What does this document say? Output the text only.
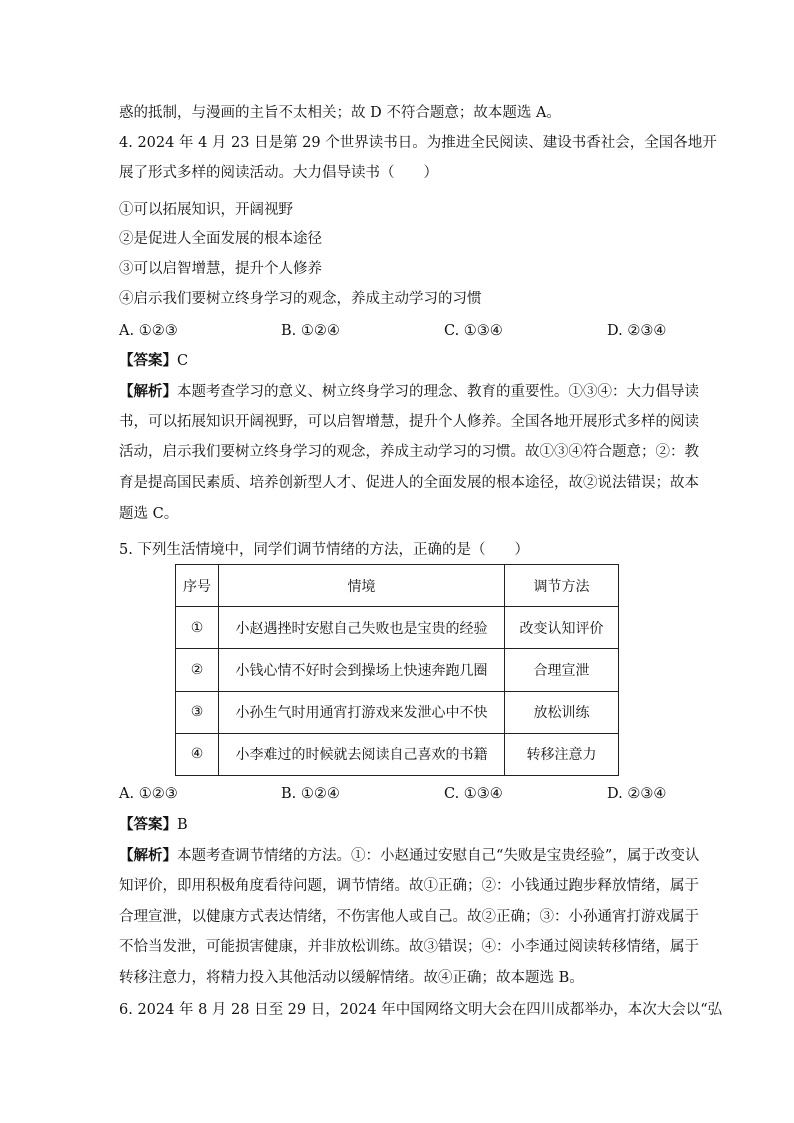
惑的抵制，与漫画的主旨不太相关；故 D 不符合题意；故本题选 A。
4. 2024 年 4 月 23 日是第 29 个世界读书日。为推进全民阅读、建设书香社会，全国各地开
展了形式多样的阅读活动。大力倡导读书（　　）
①可以拓展知识，开阔视野
②是促进人全面发展的根本途径
③可以启智增慧，提升个人修养
④启示我们要树立终身学习的观念，养成主动学习的习惯
A. ①②③	B. ①②④	C. ①③④	D. ②③④
【答案】C
【解析】本题考查学习的意义、树立终身学习的理念、教育的重要性。①③④：大力倡导读
书，可以拓展知识开阔视野，可以启智增慧，提升个人修养。全国各地开展形式多样的阅读
活动，启示我们要树立终身学习的观念，养成主动学习的习惯。故①③④符合题意；②：教
育是提高国民素质、培养创新型人才、促进人的全面发展的根本途径，故②说法错误；故本
题选 C。
5. 下列生活情境中，同学们调节情绪的方法，正确的是（　　）
序号	情境	调节方法
①	小赵遇挫时安慰自己失败也是宝贵的经验	改变认知评价
②	小钱心情不好时会到操场上快速奔跑几圈	合理宣泄
③	小孙生气时用通宵打游戏来发泄心中不快	放松训练
④	小李难过的时候就去阅读自己喜欢的书籍	转移注意力
A. ①②③	B. ①②④	C. ①③④	D. ②③④
【答案】B
【解析】本题考查调节情绪的方法。①：小赵通过安慰自己“失败是宝贵经验”，属于改变认
知评价，即用积极角度看待问题，调节情绪。故①正确；②：小钱通过跑步释放情绪，属于
合理宣泄，以健康方式表达情绪，不伤害他人或自己。故②正确；③：小孙通宵打游戏属于
不恰当发泄，可能损害健康，并非放松训练。故③错误；④：小李通过阅读转移情绪，属于
转移注意力，将精力投入其他活动以缓解情绪。故④正确；故本题选 B。
6. 2024 年 8 月 28 日至 29 日，2024 年中国网络文明大会在四川成都举办，本次大会以“弘
